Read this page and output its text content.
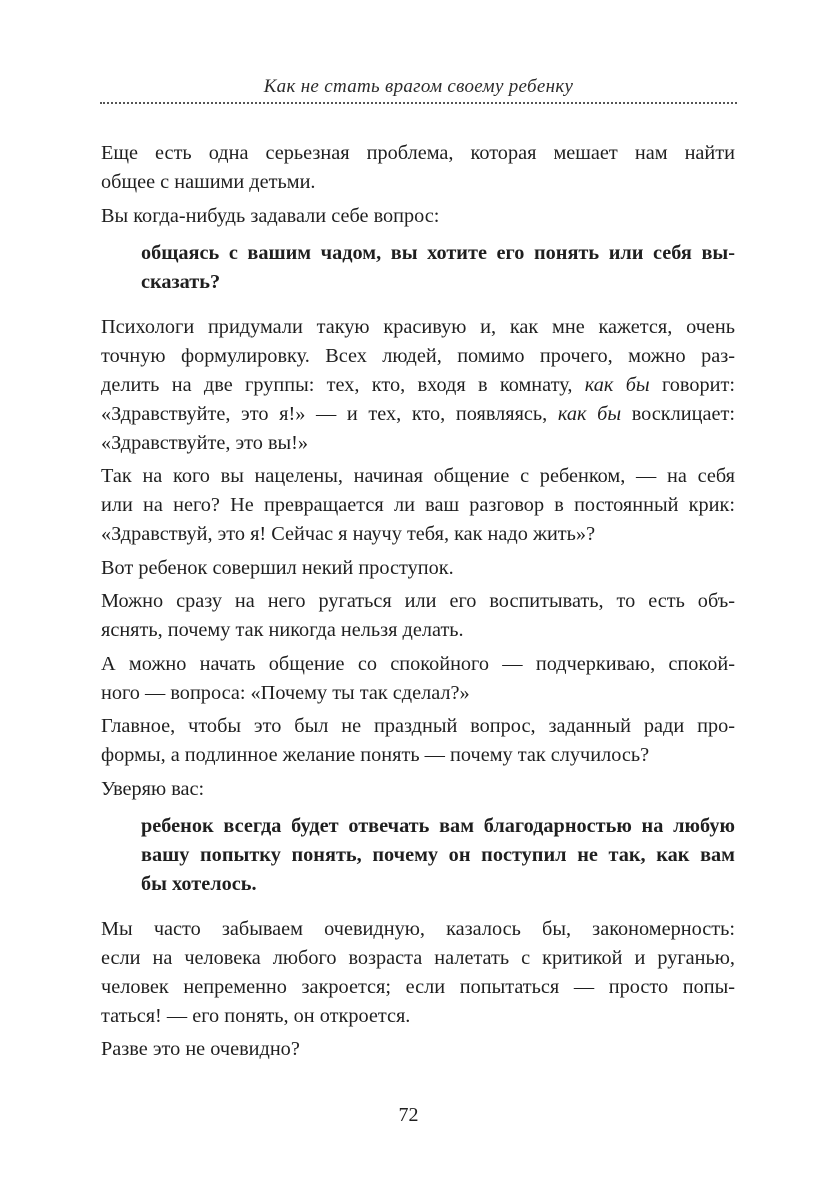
Как не стать врагом своему ребенку
Еще есть одна серьезная проблема, которая мешает нам найти
общее с нашими детьми.
Вы когда-нибудь задавали себе вопрос:
общаясь с вашим чадом, вы хотите его понять или себя вы-
сказать?
Психологи придумали такую красивую и, как мне кажется, очень
точную формулировку. Всех людей, помимо прочего, можно раз-
делить на две группы: тех, кто, входя в комнату, как бы говорит:
«Здравствуйте, это я!» — и тех, кто, появляясь, как бы восклицает:
«Здравствуйте, это вы!»
Так на кого вы нацелены, начиная общение с ребенком, — на себя
или на него? Не превращается ли ваш разговор в постоянный крик:
«Здравствуй, это я! Сейчас я научу тебя, как надо жить»?
Вот ребенок совершил некий проступок.
Можно сразу на него ругаться или его воспитывать, то есть объ-
яснять, почему так никогда нельзя делать.
А можно начать общение со спокойного — подчеркиваю, спокой-
ного — вопроса: «Почему ты так сделал?»
Главное, чтобы это был не праздный вопрос, заданный ради про-
формы, а подлинное желание понять — почему так случилось?
Уверяю вас:
ребенок всегда будет отвечать вам благодарностью на любую
вашу попытку понять, почему он поступил не так, как вам
бы хотелось.
Мы часто забываем очевидную, казалось бы, закономерность:
если на человека любого возраста налетать с критикой и руганью,
человек непременно закроется; если попытаться — просто попы-
таться! — его понять, он откроется.
Разве это не очевидно?
72
